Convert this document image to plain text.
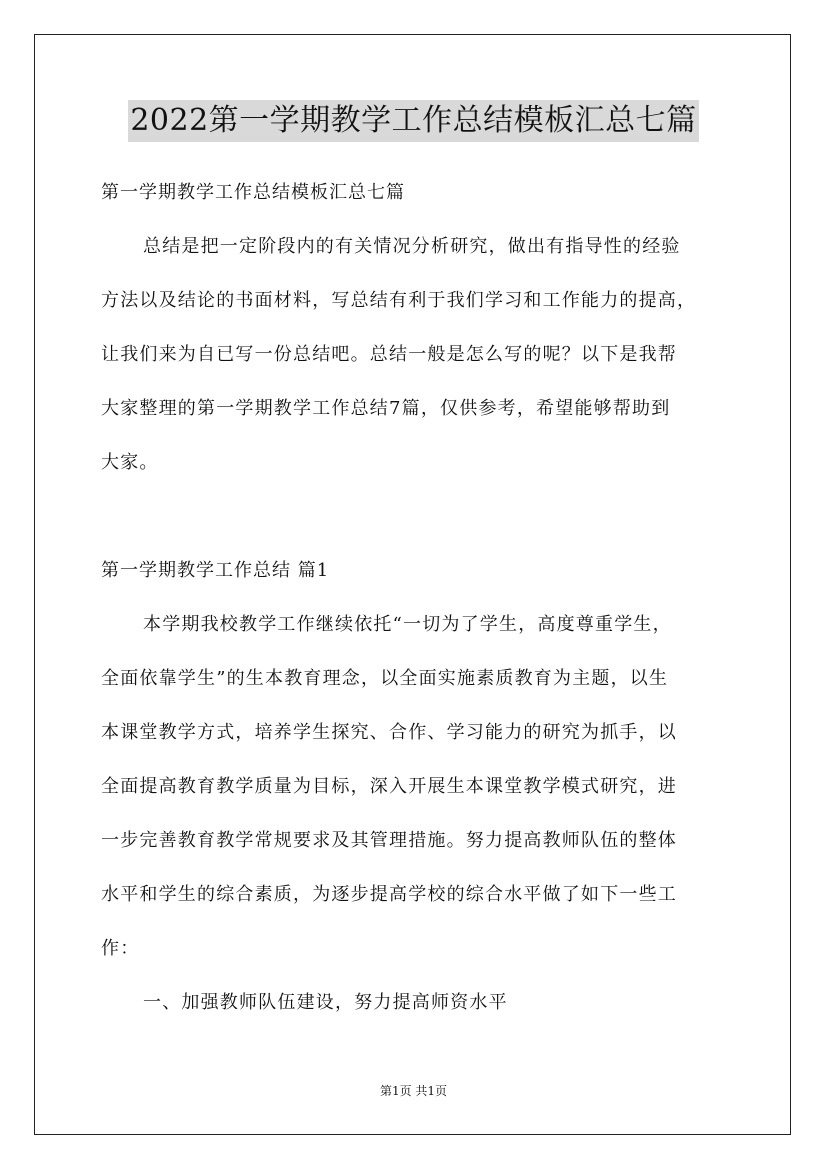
2022第一学期教学工作总结模板汇总七篇

第一学期教学工作总结模板汇总七篇

总结是把一定阶段内的有关情况分析研究，做出有指导性的经验

方法以及结论的书面材料，写总结有利于我们学习和工作能力的提高，

让我们来为自已写一份总结吧。总结一般是怎么写的呢？以下是我帮

大家整理的第一学期教学工作总结7篇，仅供参考，希望能够帮助到

大家。

第一学期教学工作总结 篇1

本学期我校教学工作继续依托“一切为了学生，高度尊重学生，

全面依靠学生”的生本教育理念，以全面实施素质教育为主题，以生

本课堂教学方式，培养学生探究、合作、学习能力的研究为抓手，以

全面提高教育教学质量为目标，深入开展生本课堂教学模式研究，进

一步完善教育教学常规要求及其管理措施。努力提高教师队伍的整体

水平和学生的综合素质，为逐步提高学校的综合水平做了如下一些工

作：

一、加强教师队伍建设，努力提高师资水平

第1页 共1页
